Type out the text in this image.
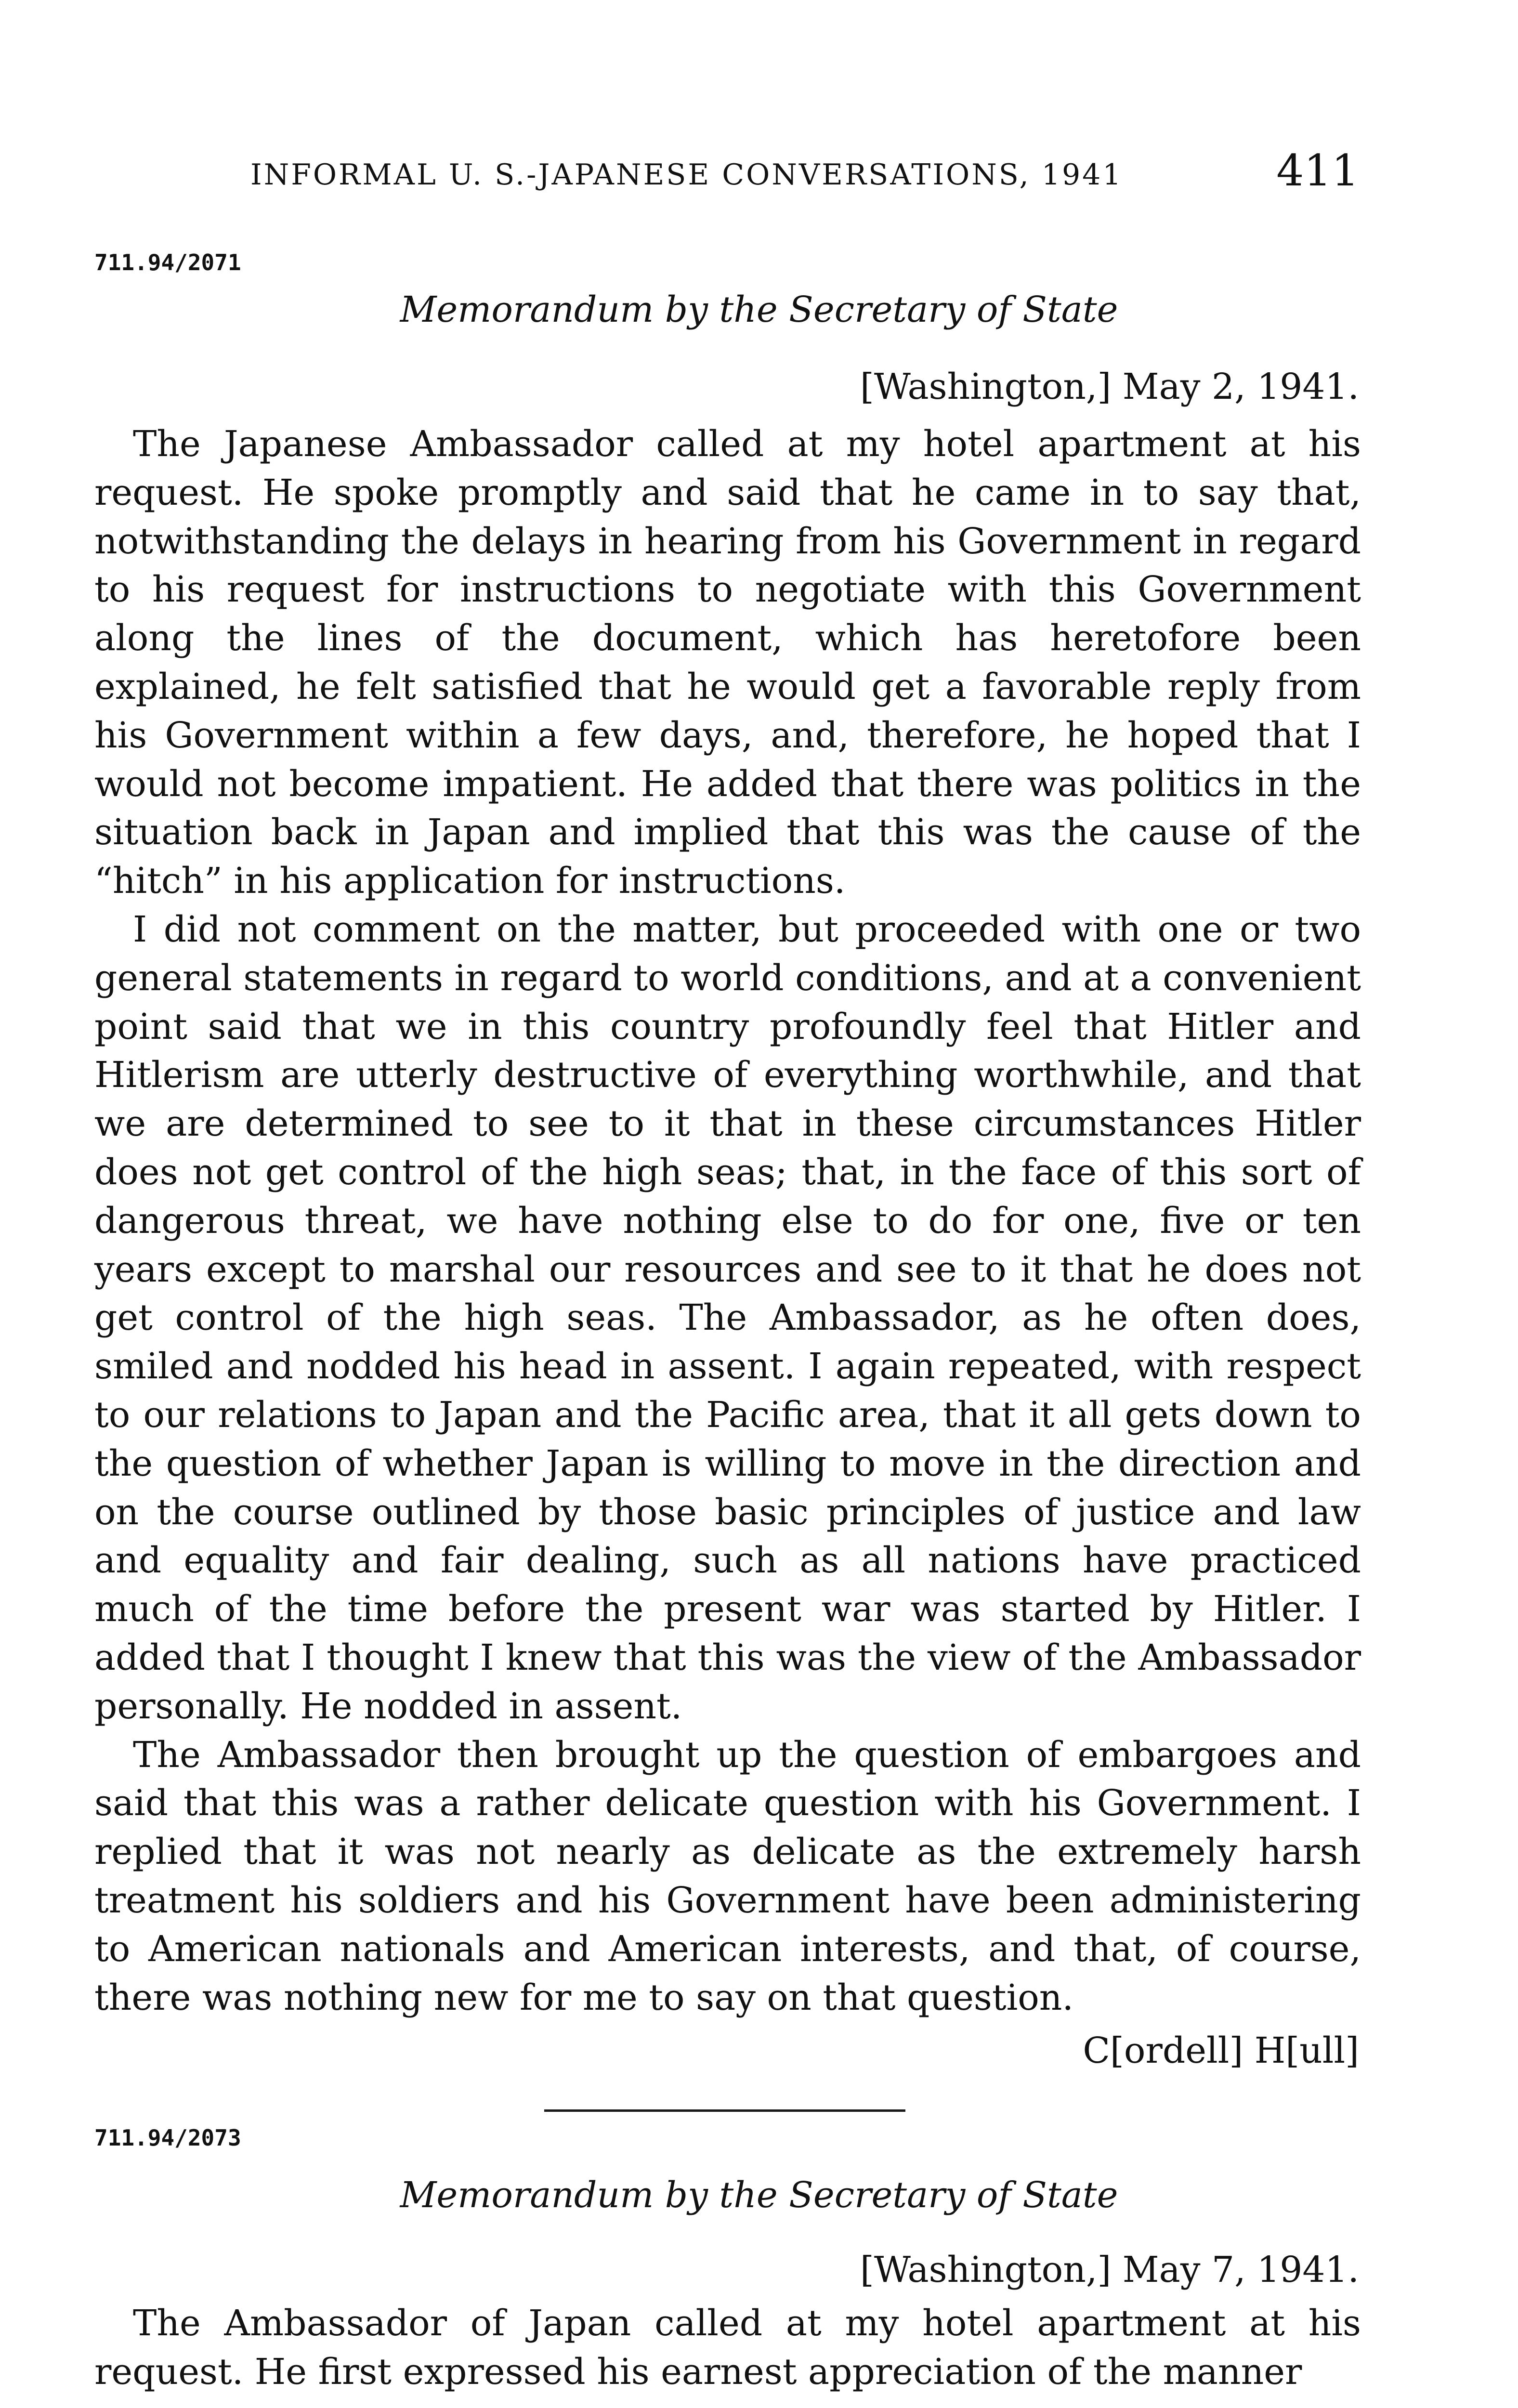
INFORMAL U. S.-JAPANESE CONVERSATIONS, 1941	411
711.94/2071
Memorandum by the Secretary of State
[Washington,] May 2, 1941.

The Japanese Ambassador called at my hotel apartment at his request. He spoke promptly and said that he came in to say that, notwithstanding the delays in hearing from his Government in regard to his request for instructions to negotiate with this Government along the lines of the document, which has heretofore been explained, he felt satisfied that he would get a favorable reply from his Government within a few days, and, therefore, he hoped that I would not become impatient. He added that there was politics in the situation back in Japan and implied that this was the cause of the “hitch” in his application for instructions.

I did not comment on the matter, but proceeded with one or two general statements in regard to world conditions, and at a convenient point said that we in this country profoundly feel that Hitler and Hitlerism are utterly destructive of everything worthwhile, and that we are determined to see to it that in these circumstances Hitler does not get control of the high seas; that, in the face of this sort of dangerous threat, we have nothing else to do for one, five or ten years except to marshal our resources and see to it that he does not get control of the high seas. The Ambassador, as he often does, smiled and nodded his head in assent. I again repeated, with respect to our relations to Japan and the Pacific area, that it all gets down to the question of whether Japan is willing to move in the direction and on the course outlined by those basic principles of justice and law and equality and fair dealing, such as all nations have practiced much of the time before the present war was started by Hitler. I added that I thought I knew that this was the view of the Ambassador personally. He nodded in assent.

The Ambassador then brought up the question of embargoes and said that this was a rather delicate question with his Government. I replied that it was not nearly as delicate as the extremely harsh treatment his soldiers and his Government have been administering to American nationals and American interests, and that, of course, there was nothing new for me to say on that question.

C[ordell] H[ull]
711.94/2073
Memorandum by the Secretary of State
[Washington,] May 7, 1941.

The Ambassador of Japan called at my hotel apartment at his request. He first expressed his earnest appreciation of the manner
